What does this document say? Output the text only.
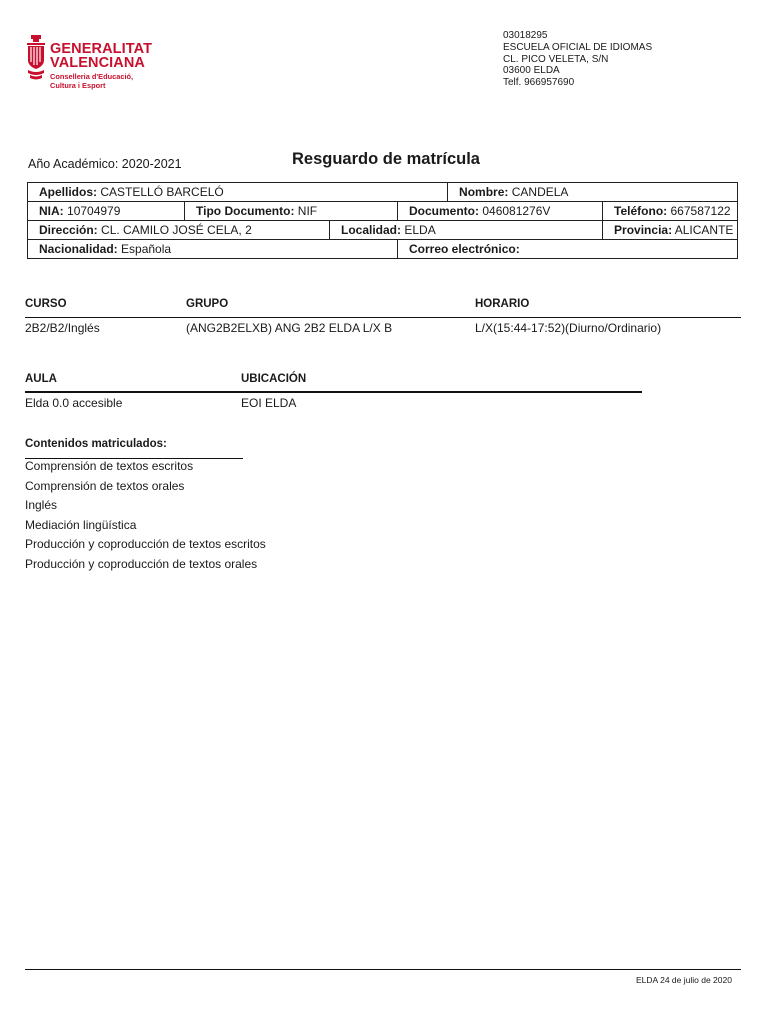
GENERALITAT
VALENCIANA
Conselleria d'Educació,
Cultura i Esport
03018295
ESCUELA OFICIAL DE IDIOMAS
CL. PICO VELETA, S/N
03600 ELDA
Telf. 966957690
Año Académico: 2020-2021	Resguardo de matrícula
Apellidos: CASTELLÓ BARCELÓ				Nombre: CANDELA	
NIA: 10704979	Tipo Documento: NIF		Documento: 046081276V		Teléfono: 667587122
Dirección: CL. CAMILO JOSÉ CELA, 2		Localidad: ELDA			Provincia: ALICANTE
Nacionalidad: Española			Correo electrónico:		
CURSO	GRUPO	HORARIO
2B2/B2/Inglés	(ANG2B2ELXB) ANG 2B2 ELDA L/X B	L/X(15:44-17:52)(Diurno/Ordinario)
AULA	UBICACIÓN
Elda 0.0 accesible	EOI ELDA
Contenidos matriculados:
Comprensión de textos escritos
Comprensión de textos orales
Inglés
Mediación lingüística
Producción y coproducción de textos escritos
Producción y coproducción de textos orales
ELDA 24 de julio de 2020
